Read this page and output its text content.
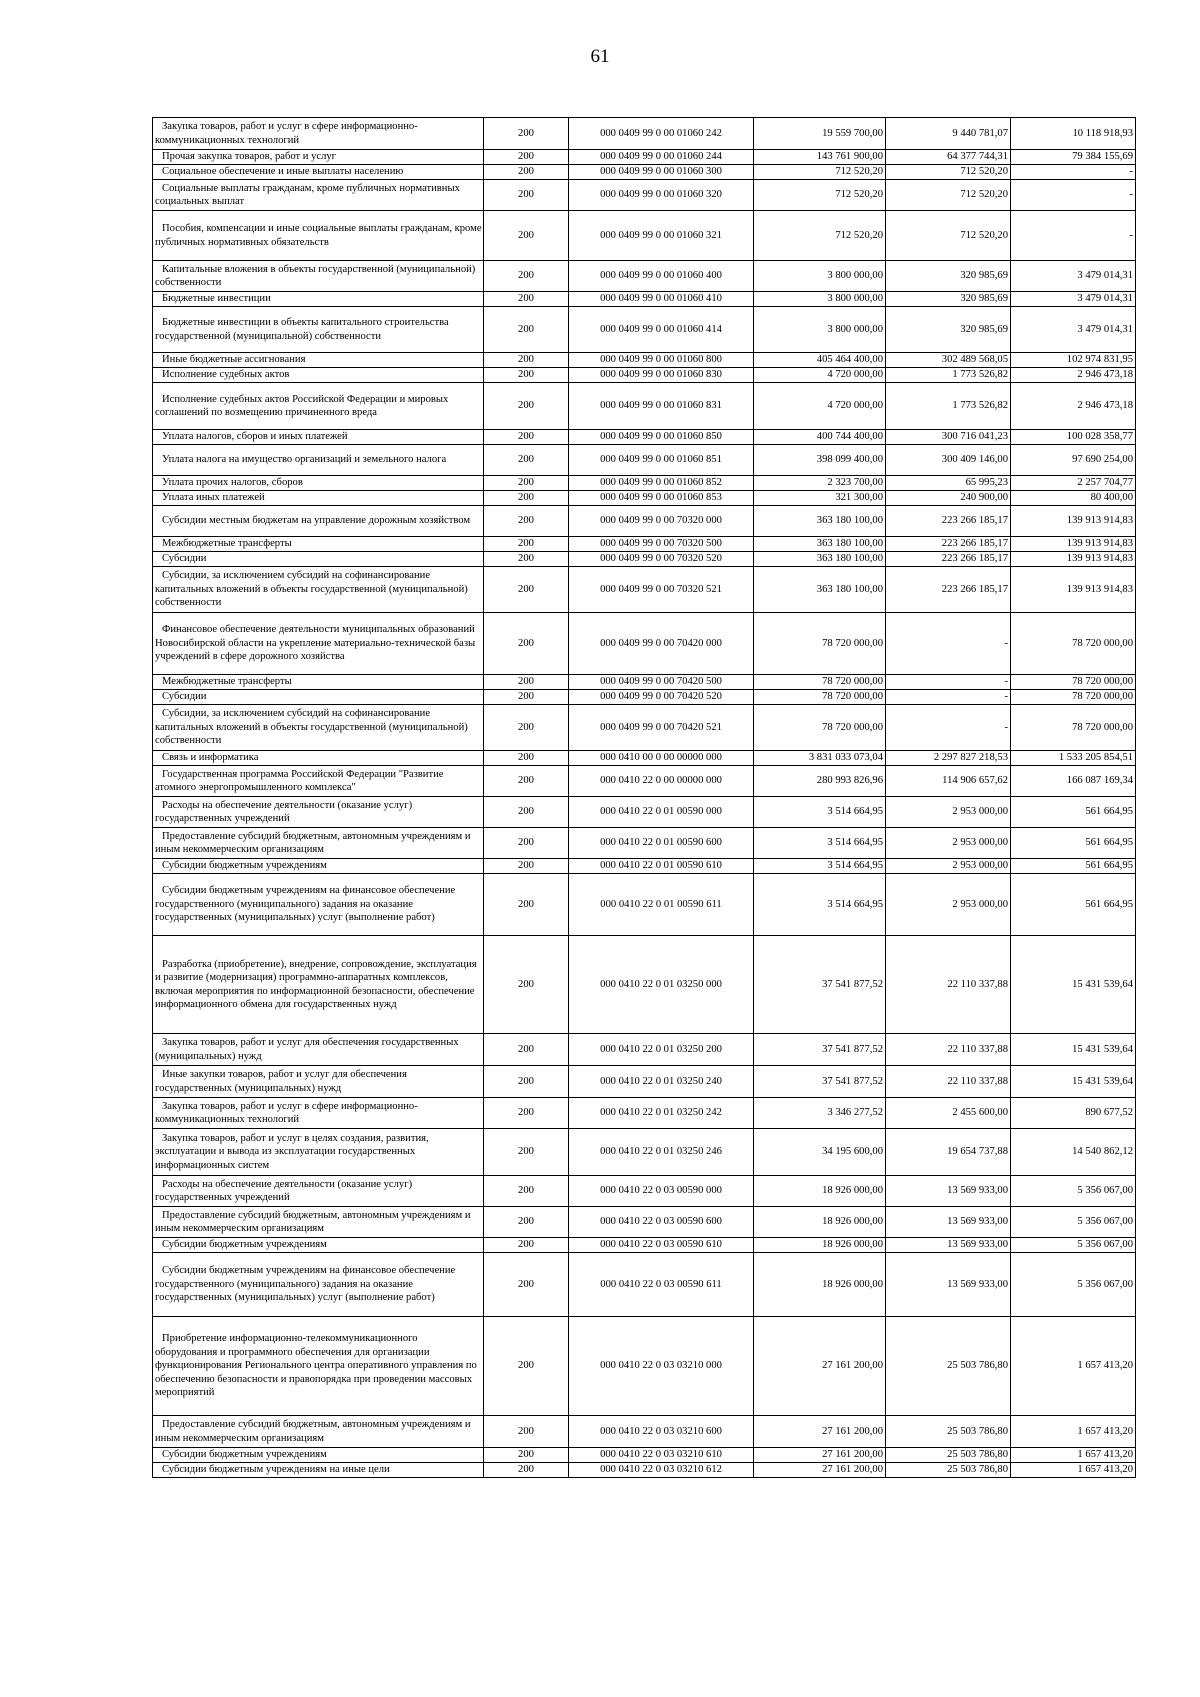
61
Закупка товаров, работ и услуг в сфере информационно-коммуникационных технологий	200	000 0409 99 0 00 01060 242	19 559 700,00	9 440 781,07	10 118 918,93
Прочая закупка товаров, работ и услуг	200	000 0409 99 0 00 01060 244	143 761 900,00	64 377 744,31	79 384 155,69
Социальное обеспечение и иные выплаты населению	200	000 0409 99 0 00 01060 300	712 520,20	712 520,20	-
Социальные выплаты гражданам, кроме публичных нормативных социальных выплат	200	000 0409 99 0 00 01060 320	712 520,20	712 520,20	-
Пособия, компенсации и иные социальные выплаты гражданам, кроме публичных нормативных обязательств	200	000 0409 99 0 00 01060 321	712 520,20	712 520,20	-
Капитальные вложения в объекты государственной (муниципальной) собственности	200	000 0409 99 0 00 01060 400	3 800 000,00	320 985,69	3 479 014,31
Бюджетные инвестиции	200	000 0409 99 0 00 01060 410	3 800 000,00	320 985,69	3 479 014,31
Бюджетные инвестиции в объекты капитального строительства государственной (муниципальной) собственности	200	000 0409 99 0 00 01060 414	3 800 000,00	320 985,69	3 479 014,31
Иные бюджетные ассигнования	200	000 0409 99 0 00 01060 800	405 464 400,00	302 489 568,05	102 974 831,95
Исполнение судебных актов	200	000 0409 99 0 00 01060 830	4 720 000,00	1 773 526,82	2 946 473,18
Исполнение судебных актов Российской Федерации и мировых соглашений по возмещению причиненного вреда	200	000 0409 99 0 00 01060 831	4 720 000,00	1 773 526,82	2 946 473,18
Уплата налогов, сборов и иных платежей	200	000 0409 99 0 00 01060 850	400 744 400,00	300 716 041,23	100 028 358,77
Уплата налога на имущество организаций и земельного налога	200	000 0409 99 0 00 01060 851	398 099 400,00	300 409 146,00	97 690 254,00
Уплата прочих налогов, сборов	200	000 0409 99 0 00 01060 852	2 323 700,00	65 995,23	2 257 704,77
Уплата иных платежей	200	000 0409 99 0 00 01060 853	321 300,00	240 900,00	80 400,00
Субсидии местным бюджетам на управление дорожным хозяйством	200	000 0409 99 0 00 70320 000	363 180 100,00	223 266 185,17	139 913 914,83
Межбюджетные трансферты	200	000 0409 99 0 00 70320 500	363 180 100,00	223 266 185,17	139 913 914,83
Субсидии	200	000 0409 99 0 00 70320 520	363 180 100,00	223 266 185,17	139 913 914,83
Субсидии, за исключением субсидий на софинансирование капитальных вложений в объекты государственной (муниципальной) собственности	200	000 0409 99 0 00 70320 521	363 180 100,00	223 266 185,17	139 913 914,83
Финансовое обеспечение деятельности муниципальных образований Новосибирской области на укрепление материально-технической базы учреждений в сфере дорожного хозяйства	200	000 0409 99 0 00 70420 000	78 720 000,00	-	78 720 000,00
Межбюджетные трансферты	200	000 0409 99 0 00 70420 500	78 720 000,00	-	78 720 000,00
Субсидии	200	000 0409 99 0 00 70420 520	78 720 000,00	-	78 720 000,00
Субсидии, за исключением субсидий на софинансирование капитальных вложений в объекты государственной (муниципальной) собственности	200	000 0409 99 0 00 70420 521	78 720 000,00	-	78 720 000,00
Связь и информатика	200	000 0410 00 0 00 00000 000	3 831 033 073,04	2 297 827 218,53	1 533 205 854,51
Государственная программа Российской Федерации "Развитие атомного энергопромышленного комплекса"	200	000 0410 22 0 00 00000 000	280 993 826,96	114 906 657,62	166 087 169,34
Расходы на обеспечение деятельности (оказание услуг) государственных учреждений	200	000 0410 22 0 01 00590 000	3 514 664,95	2 953 000,00	561 664,95
Предоставление субсидий бюджетным, автономным учреждениям и иным некоммерческим организациям	200	000 0410 22 0 01 00590 600	3 514 664,95	2 953 000,00	561 664,95
Субсидии бюджетным учреждениям	200	000 0410 22 0 01 00590 610	3 514 664,95	2 953 000,00	561 664,95
Субсидии бюджетным учреждениям на финансовое обеспечение государственного (муниципального) задания на оказание государственных (муниципальных) услуг (выполнение работ)	200	000 0410 22 0 01 00590 611	3 514 664,95	2 953 000,00	561 664,95
Разработка (приобретение), внедрение, сопровождение, эксплуатация и развитие (модернизация) программно-аппаратных комплексов, включая мероприятия по информационной безопасности, обеспечение информационного обмена для государственных нужд	200	000 0410 22 0 01 03250 000	37 541 877,52	22 110 337,88	15 431 539,64
Закупка товаров, работ и услуг для обеспечения государственных (муниципальных) нужд	200	000 0410 22 0 01 03250 200	37 541 877,52	22 110 337,88	15 431 539,64
Иные закупки товаров, работ и услуг для обеспечения государственных (муниципальных) нужд	200	000 0410 22 0 01 03250 240	37 541 877,52	22 110 337,88	15 431 539,64
Закупка товаров, работ и услуг в сфере информационно-коммуникационных технологий	200	000 0410 22 0 01 03250 242	3 346 277,52	2 455 600,00	890 677,52
Закупка товаров, работ и услуг в целях создания, развития, эксплуатации и вывода из эксплуатации государственных информационных систем	200	000 0410 22 0 01 03250 246	34 195 600,00	19 654 737,88	14 540 862,12
Расходы на обеспечение деятельности (оказание услуг) государственных учреждений	200	000 0410 22 0 03 00590 000	18 926 000,00	13 569 933,00	5 356 067,00
Предоставление субсидий бюджетным, автономным учреждениям и иным некоммерческим организациям	200	000 0410 22 0 03 00590 600	18 926 000,00	13 569 933,00	5 356 067,00
Субсидии бюджетным учреждениям	200	000 0410 22 0 03 00590 610	18 926 000,00	13 569 933,00	5 356 067,00
Субсидии бюджетным учреждениям на финансовое обеспечение государственного (муниципального) задания на оказание государственных (муниципальных) услуг (выполнение работ)	200	000 0410 22 0 03 00590 611	18 926 000,00	13 569 933,00	5 356 067,00
Приобретение информационно-телекоммуникационного оборудования и программного обеспечения для организации функционирования Регионального центра оперативного управления по обеспечению безопасности и правопорядка при проведении массовых мероприятий	200	000 0410 22 0 03 03210 000	27 161 200,00	25 503 786,80	1 657 413,20
Предоставление субсидий бюджетным, автономным учреждениям и иным некоммерческим организациям	200	000 0410 22 0 03 03210 600	27 161 200,00	25 503 786,80	1 657 413,20
Субсидии бюджетным учреждениям	200	000 0410 22 0 03 03210 610	27 161 200,00	25 503 786,80	1 657 413,20
Субсидии бюджетным учреждениям на иные цели	200	000 0410 22 0 03 03210 612	27 161 200,00	25 503 786,80	1 657 413,20
